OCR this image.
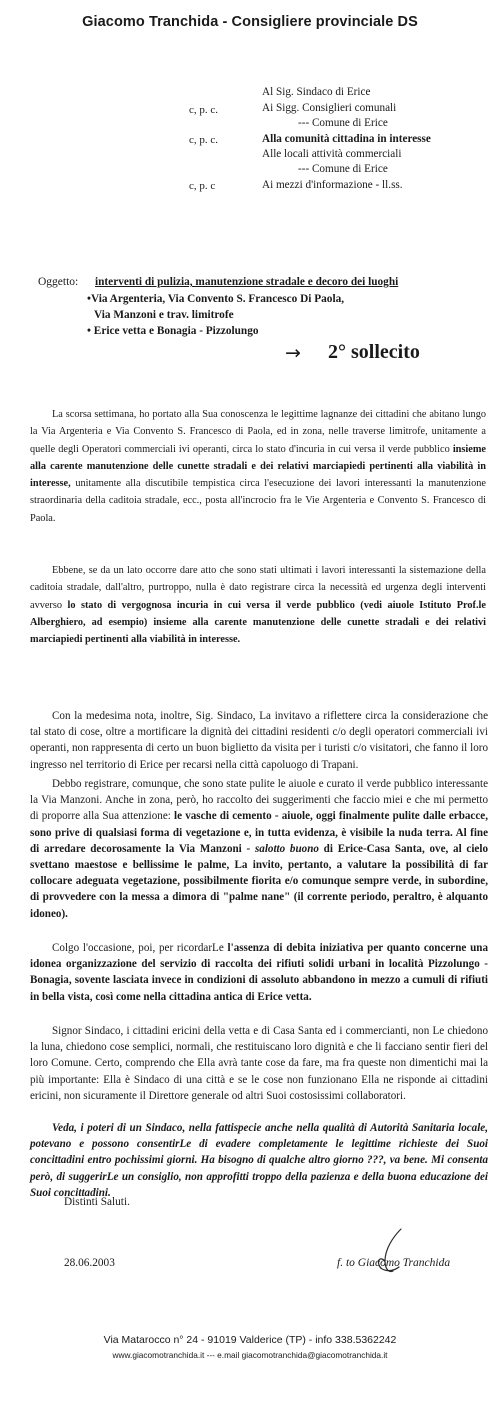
Giacomo Tranchida - Consigliere provinciale DS
Al Sig. Sindaco di Erice
c, p. c.	Ai Sigg. Consiglieri comunali
--- Comune di Erice
c, p. c.	Alla comunità cittadina in interesse
Alle locali attività commerciali
--- Comune di Erice
c, p. c	Ai mezzi d'informazione - ll.ss.
Oggetto: interventi di pulizia, manutenzione stradale e decoro dei luoghi
•Via Argenteria, Via Convento S. Francesco Di Paola,
Via Manzoni e trav. limitrofe
• Erice vetta e Bonagia - Pizzolungo
→ 2° sollecito

La scorsa settimana, ho portato alla Sua conoscenza le legittime lagnanze dei cittadini che abitano lungo la Via Argenteria e Via Convento S. Francesco di Paola, ed in zona, nelle traverse limitrofe, unitamente a quelle degli Operatori commerciali ivi operanti, circa lo stato d'incuria in cui versa il verde pubblico insieme alla carente manutenzione delle cunette stradali e dei relativi marciapiedi pertinenti alla viabilità in interesse, unitamente alla discutibile tempistica circa l'esecuzione dei lavori interessanti la manutenzione straordinaria della caditoia stradale, ecc., posta all'incrocio fra le Vie Argenteria e Convento S. Francesco di Paola.

Ebbene, se da un lato occorre dare atto che sono stati ultimati i lavori interessanti la sistemazione della caditoia stradale, dall'altro, purtroppo, nulla è dato registrare circa la necessità ed urgenza degli interventi avverso lo stato di vergognosa incuria in cui versa il verde pubblico (vedi aiuole Istituto Prof.le Alberghiero, ad esempio) insieme alla carente manutenzione delle cunette stradali e dei relativi marciapiedi pertinenti alla viabilità in interesse.

Con la medesima nota, inoltre, Sig. Sindaco, La invitavo a riflettere circa la considerazione che tal stato di cose, oltre a mortificare la dignità dei cittadini residenti c/o degli operatori commerciali ivi operanti, non rappresenta di certo un buon biglietto da visita per i turisti c/o visitatori, che fanno il loro ingresso nel territorio di Erice per recarsi nella città capoluogo di Trapani.

Debbo registrare, comunque, che sono state pulite le aiuole e curato il verde pubblico interessante la Via Manzoni. Anche in zona, però, ho raccolto dei suggerimenti che faccio miei e che mi permetto di proporre alla Sua attenzione: le vasche di cemento - aiuole, oggi finalmente pulite dalle erbacce, sono prive di qualsiasi forma di vegetazione e, in tutta evidenza, è visibile la nuda terra. Al fine di arredare decorosamente la Via Manzoni - salotto buono di Erice-Casa Santa, ove, al cielo svettano maestose e bellissime le palme, La invito, pertanto, a valutare la possibilità di far collocare adeguata vegetazione, possibilmente fiorita e/o comunque sempre verde, in subordine, di provvedere con la messa a dimora di "palme nane" (il corrente periodo, peraltro, è alquanto idoneo).

Colgo l'occasione, poi, per ricordarLe l'assenza di debita iniziativa per quanto concerne una idonea organizzazione del servizio di raccolta dei rifiuti solidi urbani in località Pizzolungo - Bonagia, sovente lasciata invece in condizioni di assoluto abbandono in mezzo a cumuli di rifiuti in bella vista, così come nella cittadina antica di Erice vetta.

Signor Sindaco, i cittadini ericini della vetta e di Casa Santa ed i commercianti, non Le chiedono la luna, chiedono cose semplici, normali, che restituiscano loro dignità e che li facciano sentir fieri del loro Comune. Certo, comprendo che Ella avrà tante cose da fare, ma fra queste non dimentichi mai la più importante: Ella è Sindaco di una città e se le cose non funzionano Ella ne risponde ai cittadini ericini, non sicuramente il Direttore generale od altri Suoi costosissimi collaboratori.

Veda, i poteri di un Sindaco, nella fattispecie anche nella qualità di Autorità Sanitaria locale, potevano e possono consentirLe di evadere completamente le legittime richieste dei Suoi concittadini entro pochissimi giorni. Ha bisogno di qualche altro giorno ???, va bene. Mi consenta però, di suggerirLe un consiglio, non approfitti troppo della pazienza e della buona educazione dei Suoi concittadini.

Distinti Saluti.
28.06.2003	f. to Giacomo Tranchida
Via Matarocco n° 24 - 91019 Valderice (TP) - info 338.5362242
www.giacomotranchida.it --- e.mail giacomotranchida@giacomotranchida.it
